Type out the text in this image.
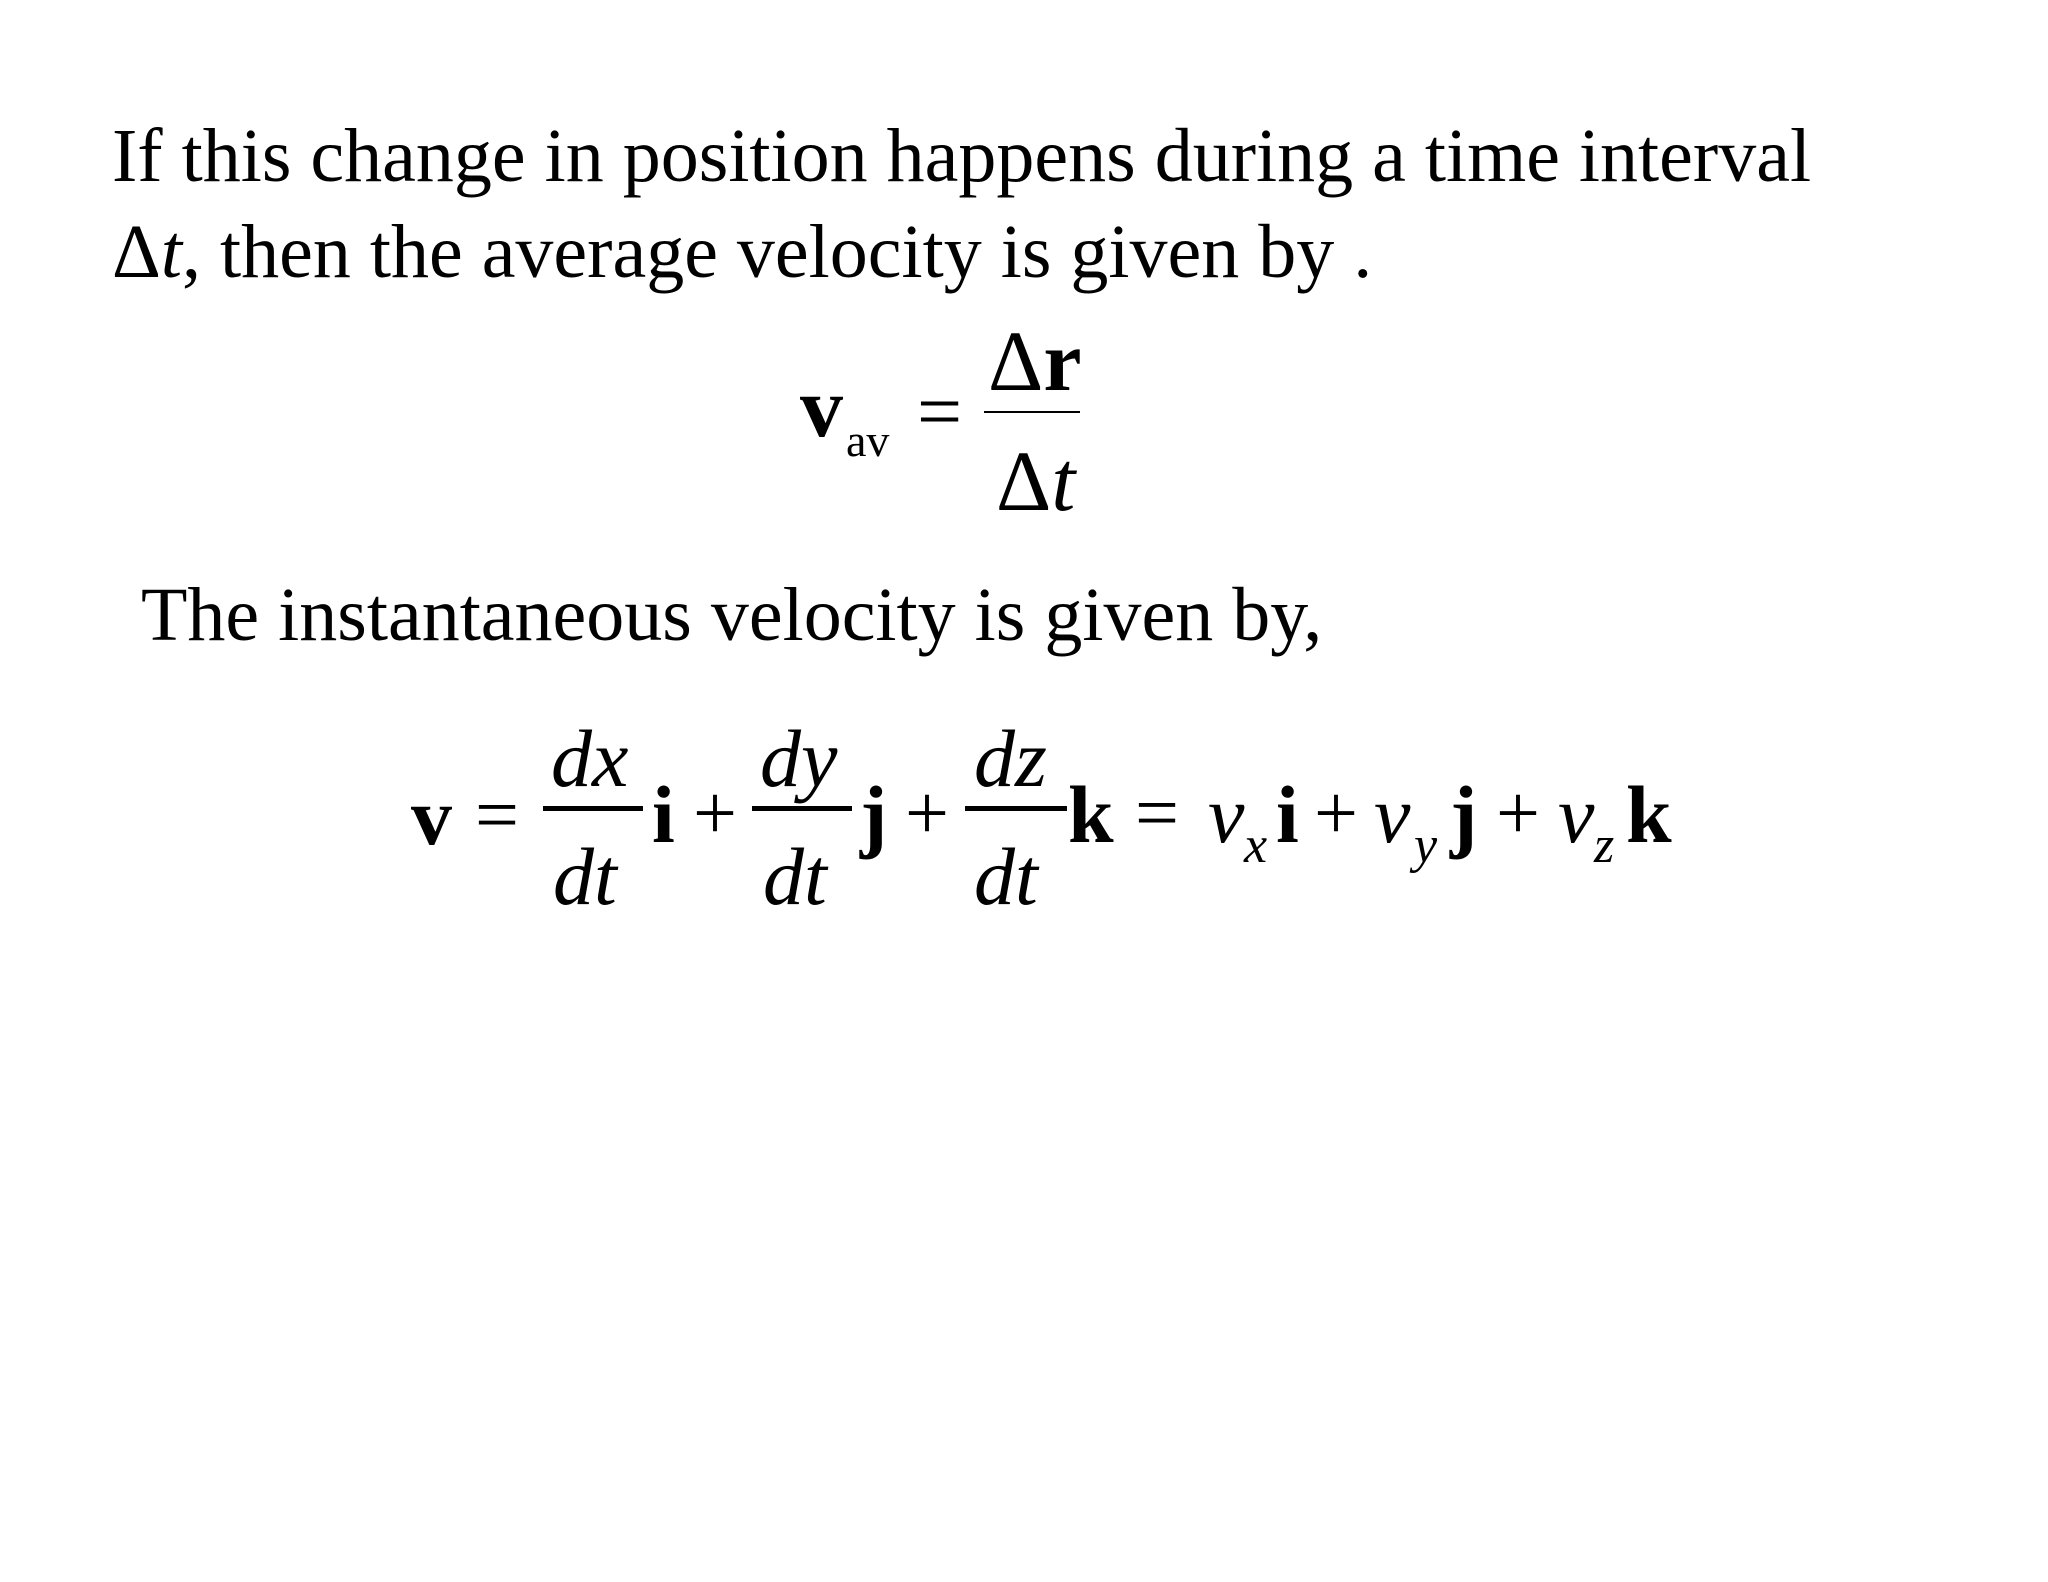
If this change in position happens during a time interval
Δt, then the average velocity is given by .
v av =
Δr
Δt
The instantaneous velocity is given by,
v =
dx
dt
i +
dy
dt
j +
dz
dt
k = v x i + v y j + v z k
